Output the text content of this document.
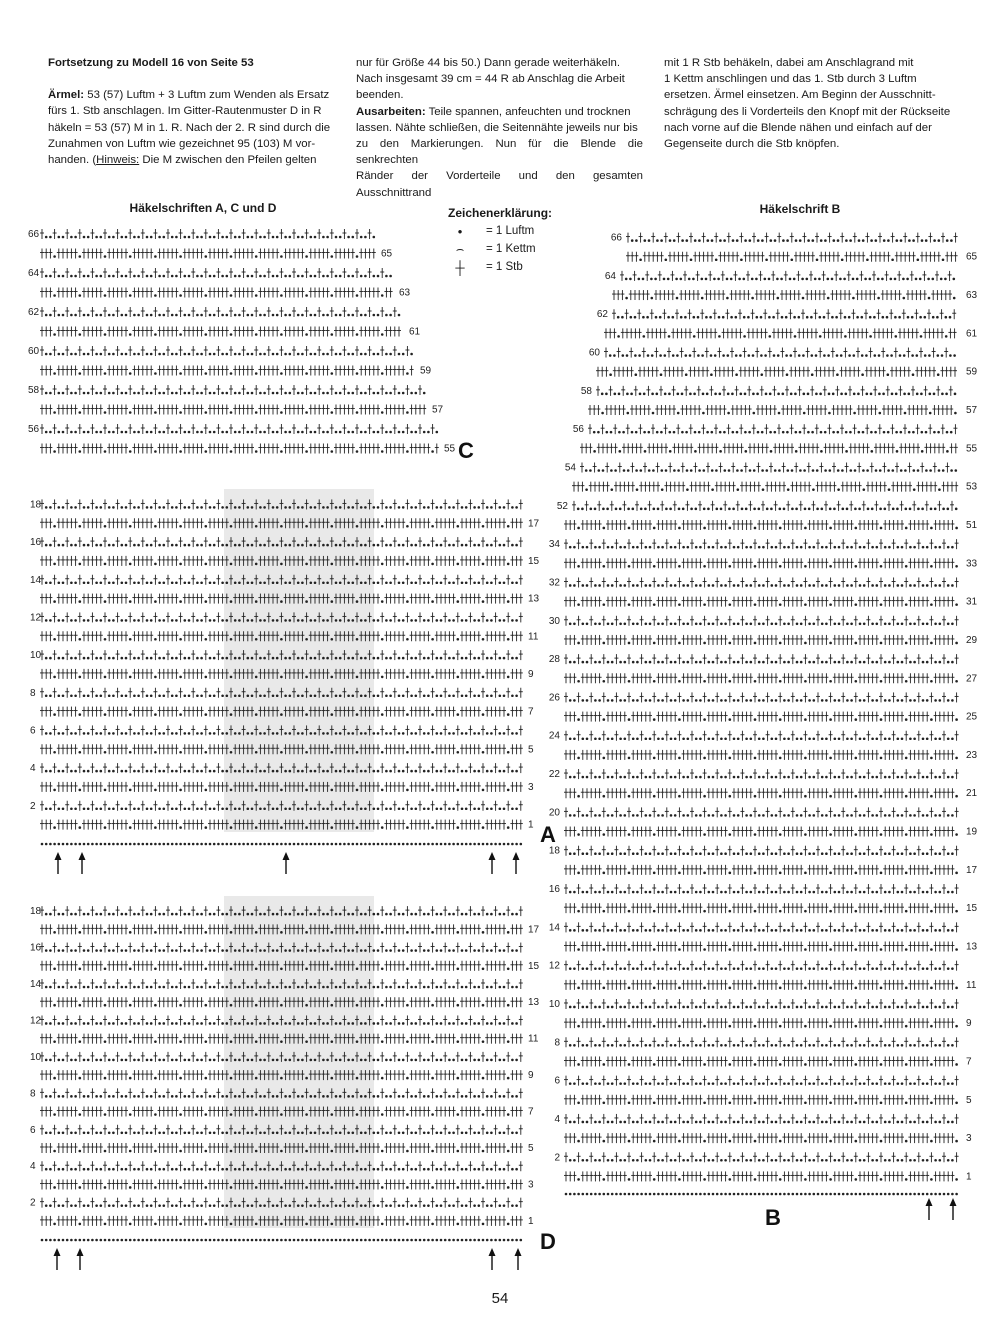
Fortsetzung zu Modell 16 von Seite 53

Ärmel: 53 (57) Luftm + 3 Luftm zum Wenden als Ersatz

fürs 1. Stb anschlagen. Im Gitter-Rautenmuster D in R

häkeln = 53 (57) M in 1. R. Nach der 2. R sind durch die

Zunahmen von Luftm wie gezeichnet 95 (103) M vor-

handen. (Hinweis: Die M zwischen den Pfeilen gelten

nur für Größe 44 bis 50.) Dann gerade weiterhäkeln.

Nach insgesamt 39 cm = 44 R ab Anschlag die Arbeit

beenden.

Ausarbeiten: Teile spannen, anfeuchten und trocknen

lassen. Nähte schließen, die Seitennähte jeweils nur bis

zu den Markierungen. Nun für die Blende die senkrechten

Ränder der Vorderteile und den gesamten Ausschnittrand

mit 1 R Stb behäkeln, dabei am Anschlagrand mit

1 Kettm anschlingen und das 1. Stb durch 3 Luftm

ersetzen. Ärmel einsetzen. Am Beginn der Ausschnitt-

schrägung des li Vorderteils den Knopf mit der Rückseite

nach vorne auf die Blende nähen und einfach auf der

Gegenseite durch die Stb knöpfen.

Häkelschriften A, C und D	Häkelschrift B
Zeichenerklärung:
•	= 1 Luftm
⌢	= 1 Kettm
┼	= 1 Stb
2
4
6
8
10
12
14
16
18
1
3
5
7
9
11
13
15
17
A
2
4
6
8
10
12
14
16
18
1
3
5
7
9
11
13
15
17
D
56
58
60
62
64
66
55
57
59
61
63
65
C
52
54
56
58
60
62
64
66
51
53
55
57
59
61
63
65
2
4
6
8
10
12
14
16
18
20
22
24
26
28
30
32
34
1
3
5
7
9
11
13
15
17
19
21
23
25
27
29
31
33
B
54
